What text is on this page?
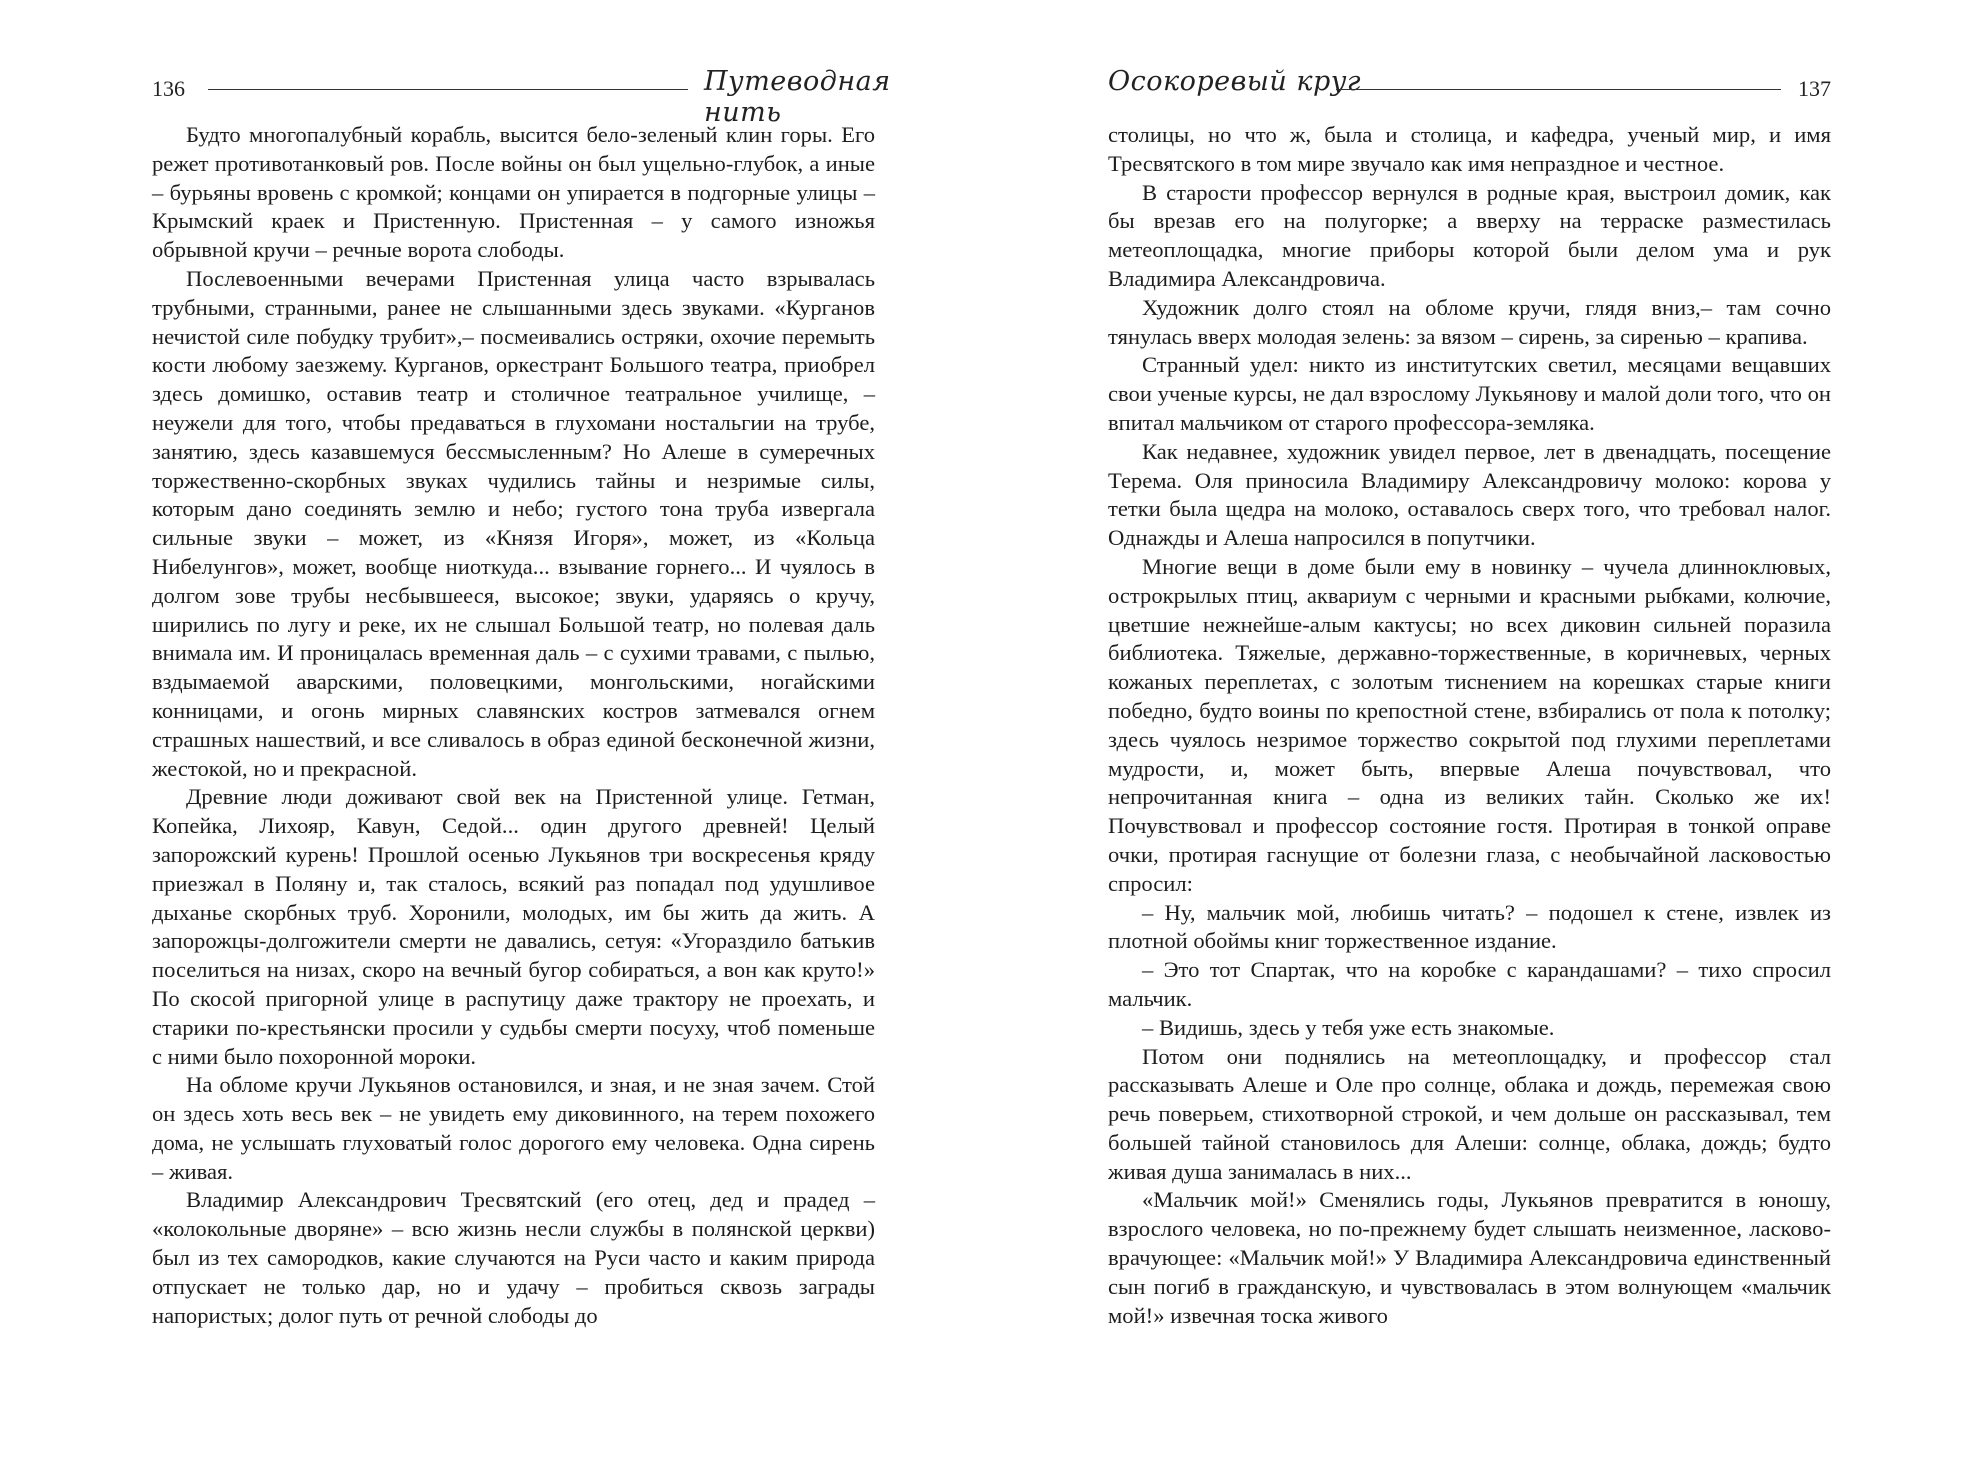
136	Путеводная нить

Будто многопалубный корабль, высится бело-зеленый клин горы. Его режет противотанковый ров. После войны он был ущельно-глубок, а иные – бурьяны вровень с кромкой; концами он упирается в подгорные улицы – Крымский краек и Пристенную. Пристенная – у самого изножья обрывной кручи – речные ворота слободы.

Послевоенными вечерами Пристенная улица часто взрывалась трубными, странными, ранее не слышанными здесь звуками. «Курганов нечистой силе побудку трубит»,– посмеивались остряки, охочие перемыть кости любому заезжему. Курганов, оркестрант Большого театра, приобрел здесь домишко, оставив театр и столичное театральное училище, – неужели для того, чтобы предаваться в глухомани ностальгии на трубе, занятию, здесь казавшемуся бессмысленным? Но Алеше в сумеречных торжественно-скорбных звуках чудились тайны и незримые силы, которым дано соединять землю и небо; густого тона труба извергала сильные звуки – может, из «Князя Игоря», может, из «Кольца Нибелунгов», может, вообще ниоткуда... взывание горнего... И чуялось в долгом зове трубы несбывшееся, высокое; звуки, ударяясь о кручу, ширились по лугу и реке, их не слышал Большой театр, но полевая даль внимала им. И проницалась временная даль – с сухими травами, с пылью, вздымаемой аварскими, половецкими, монгольскими, ногайскими конницами, и огонь мирных славянских костров затмевался огнем страшных нашествий, и все сливалось в образ единой бесконечной жизни, жестокой, но и прекрасной.

Древние люди доживают свой век на Пристенной улице. Гетман, Копейка, Лихояр, Кавун, Седой... один другого древней! Целый запорожский курень! Прошлой осенью Лукьянов три воскресенья кряду приезжал в Поляну и, так сталось, всякий раз попадал под удушливое дыханье скорбных труб. Хоронили, молодых, им бы жить да жить. А запорожцы-долгожители смерти не давались, сетуя: «Угораздило батькив поселиться на низах, скоро на вечный бугор собираться, а вон как круто!» По скосой пригорной улице в распутицу даже трактору не проехать, и старики по-крестьянски просили у судьбы смерти посуху, чтоб поменьше с ними было похоронной мороки.

На обломе кручи Лукьянов остановился, и зная, и не зная зачем. Стой он здесь хоть весь век – не увидеть ему диковинного, на терем похожего дома, не услышать глуховатый голос дорогого ему человека. Одна сирень – живая.

Владимир Александрович Тресвятский (его отец, дед и прадед – «колокольные дворяне» – всю жизнь несли службы в полянской церкви) был из тех самородков, какие случаются на Руси часто и каким природа отпускает не только дар, но и удачу – пробиться сквозь заграды напористых; долог путь от речной слободы до

Осокоревый круг	137

столицы, но что ж, была и столица, и кафедра, ученый мир, и имя Тресвятского в том мире звучало как имя непраздное и честное.

В старости профессор вернулся в родные края, выстроил домик, как бы врезав его на полугорке; а вверху на терраске разместилась метеоплощадка, многие приборы которой были делом ума и рук Владимира Александровича.

Художник долго стоял на обломе кручи, глядя вниз,– там сочно тянулась вверх молодая зелень: за вязом – сирень, за сиренью – крапива.

Странный удел: никто из институтских светил, месяцами вещавших свои ученые курсы, не дал взрослому Лукьянову и малой доли того, что он впитал мальчиком от старого профессора-земляка.

Как недавнее, художник увидел первое, лет в двенадцать, посещение Терема. Оля приносила Владимиру Александровичу молоко: корова у тетки была щедра на молоко, оставалось сверх того, что требовал налог. Однажды и Алеша напросился в попутчики.

Многие вещи в доме были ему в новинку – чучела длинноклювых, острокрылых птиц, аквариум с черными и красными рыбками, колючие, цветшие нежнейше-алым кактусы; но всех диковин сильней поразила библиотека. Тяжелые, державно-торжественные, в коричневых, черных кожаных переплетах, с золотым тиснением на корешках старые книги победно, будто воины по крепостной стене, взбирались от пола к потолку; здесь чуялось незримое торжество сокрытой под глухими переплетами мудрости, и, может быть, впервые Алеша почувствовал, что непрочитанная книга – одна из великих тайн. Сколько же их! Почувствовал и профессор состояние гостя. Протирая в тонкой оправе очки, протирая гаснущие от болезни глаза, с необычайной ласковостью спросил:

– Ну, мальчик мой, любишь читать? – подошел к стене, извлек из плотной обоймы книг торжественное издание.

– Это тот Спартак, что на коробке с карандашами? – тихо спросил мальчик.

– Видишь, здесь у тебя уже есть знакомые.

Потом они поднялись на метеоплощадку, и профессор стал рассказывать Алеше и Оле про солнце, облака и дождь, перемежая свою речь поверьем, стихотворной строкой, и чем дольше он рассказывал, тем большей тайной становилось для Алеши: солнце, облака, дождь; будто живая душа занималась в них...

«Мальчик мой!» Сменялись годы, Лукьянов превратится в юношу, взрослого человека, но по-прежнему будет слышать неизменное, ласково-врачующее: «Мальчик мой!» У Владимира Александровича единственный сын погиб в гражданскую, и чувствовалась в этом волнующем «мальчик мой!» извечная тоска живого
